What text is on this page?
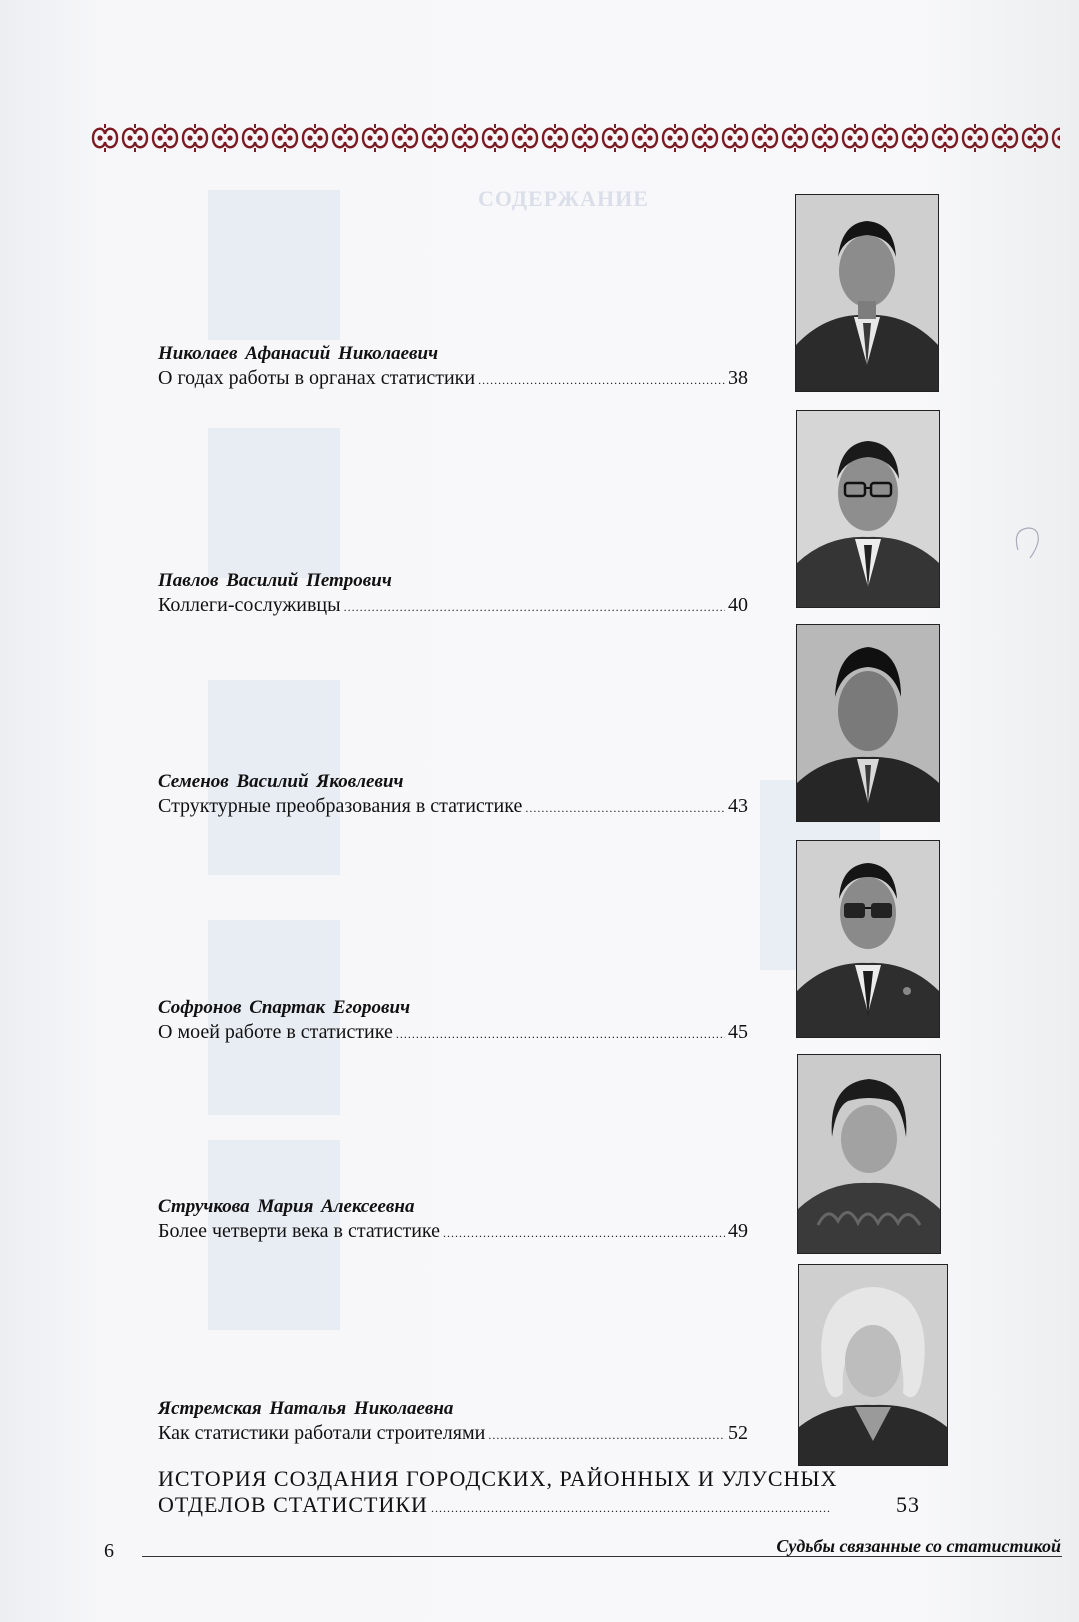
СОДЕРЖАНИЕ
Николаев Афанасий Николаевич
О годах работы в органах статистики . . .	38
Павлов Василий Петрович
Коллеги-сослуживцы . . .	40
Семенов Василий Яковлевич
Структурные преобразования в статистике . . .	43
Софронов Спартак Егорович
О моей работе в статистике . . .	45
Стручкова Мария Алексеевна
Более четверти века в статистике . . .	49
Ястремская Наталья Николаевна
Как статистики работали строителями . . .	52
ИСТОРИЯ СОЗДАНИЯ ГОРОДСКИХ, РАЙОННЫХ И УЛУСНЫХ
ОТДЕЛОВ СТАТИСТИКИ . . .	53
6	Судьбы связанные со статистикой
